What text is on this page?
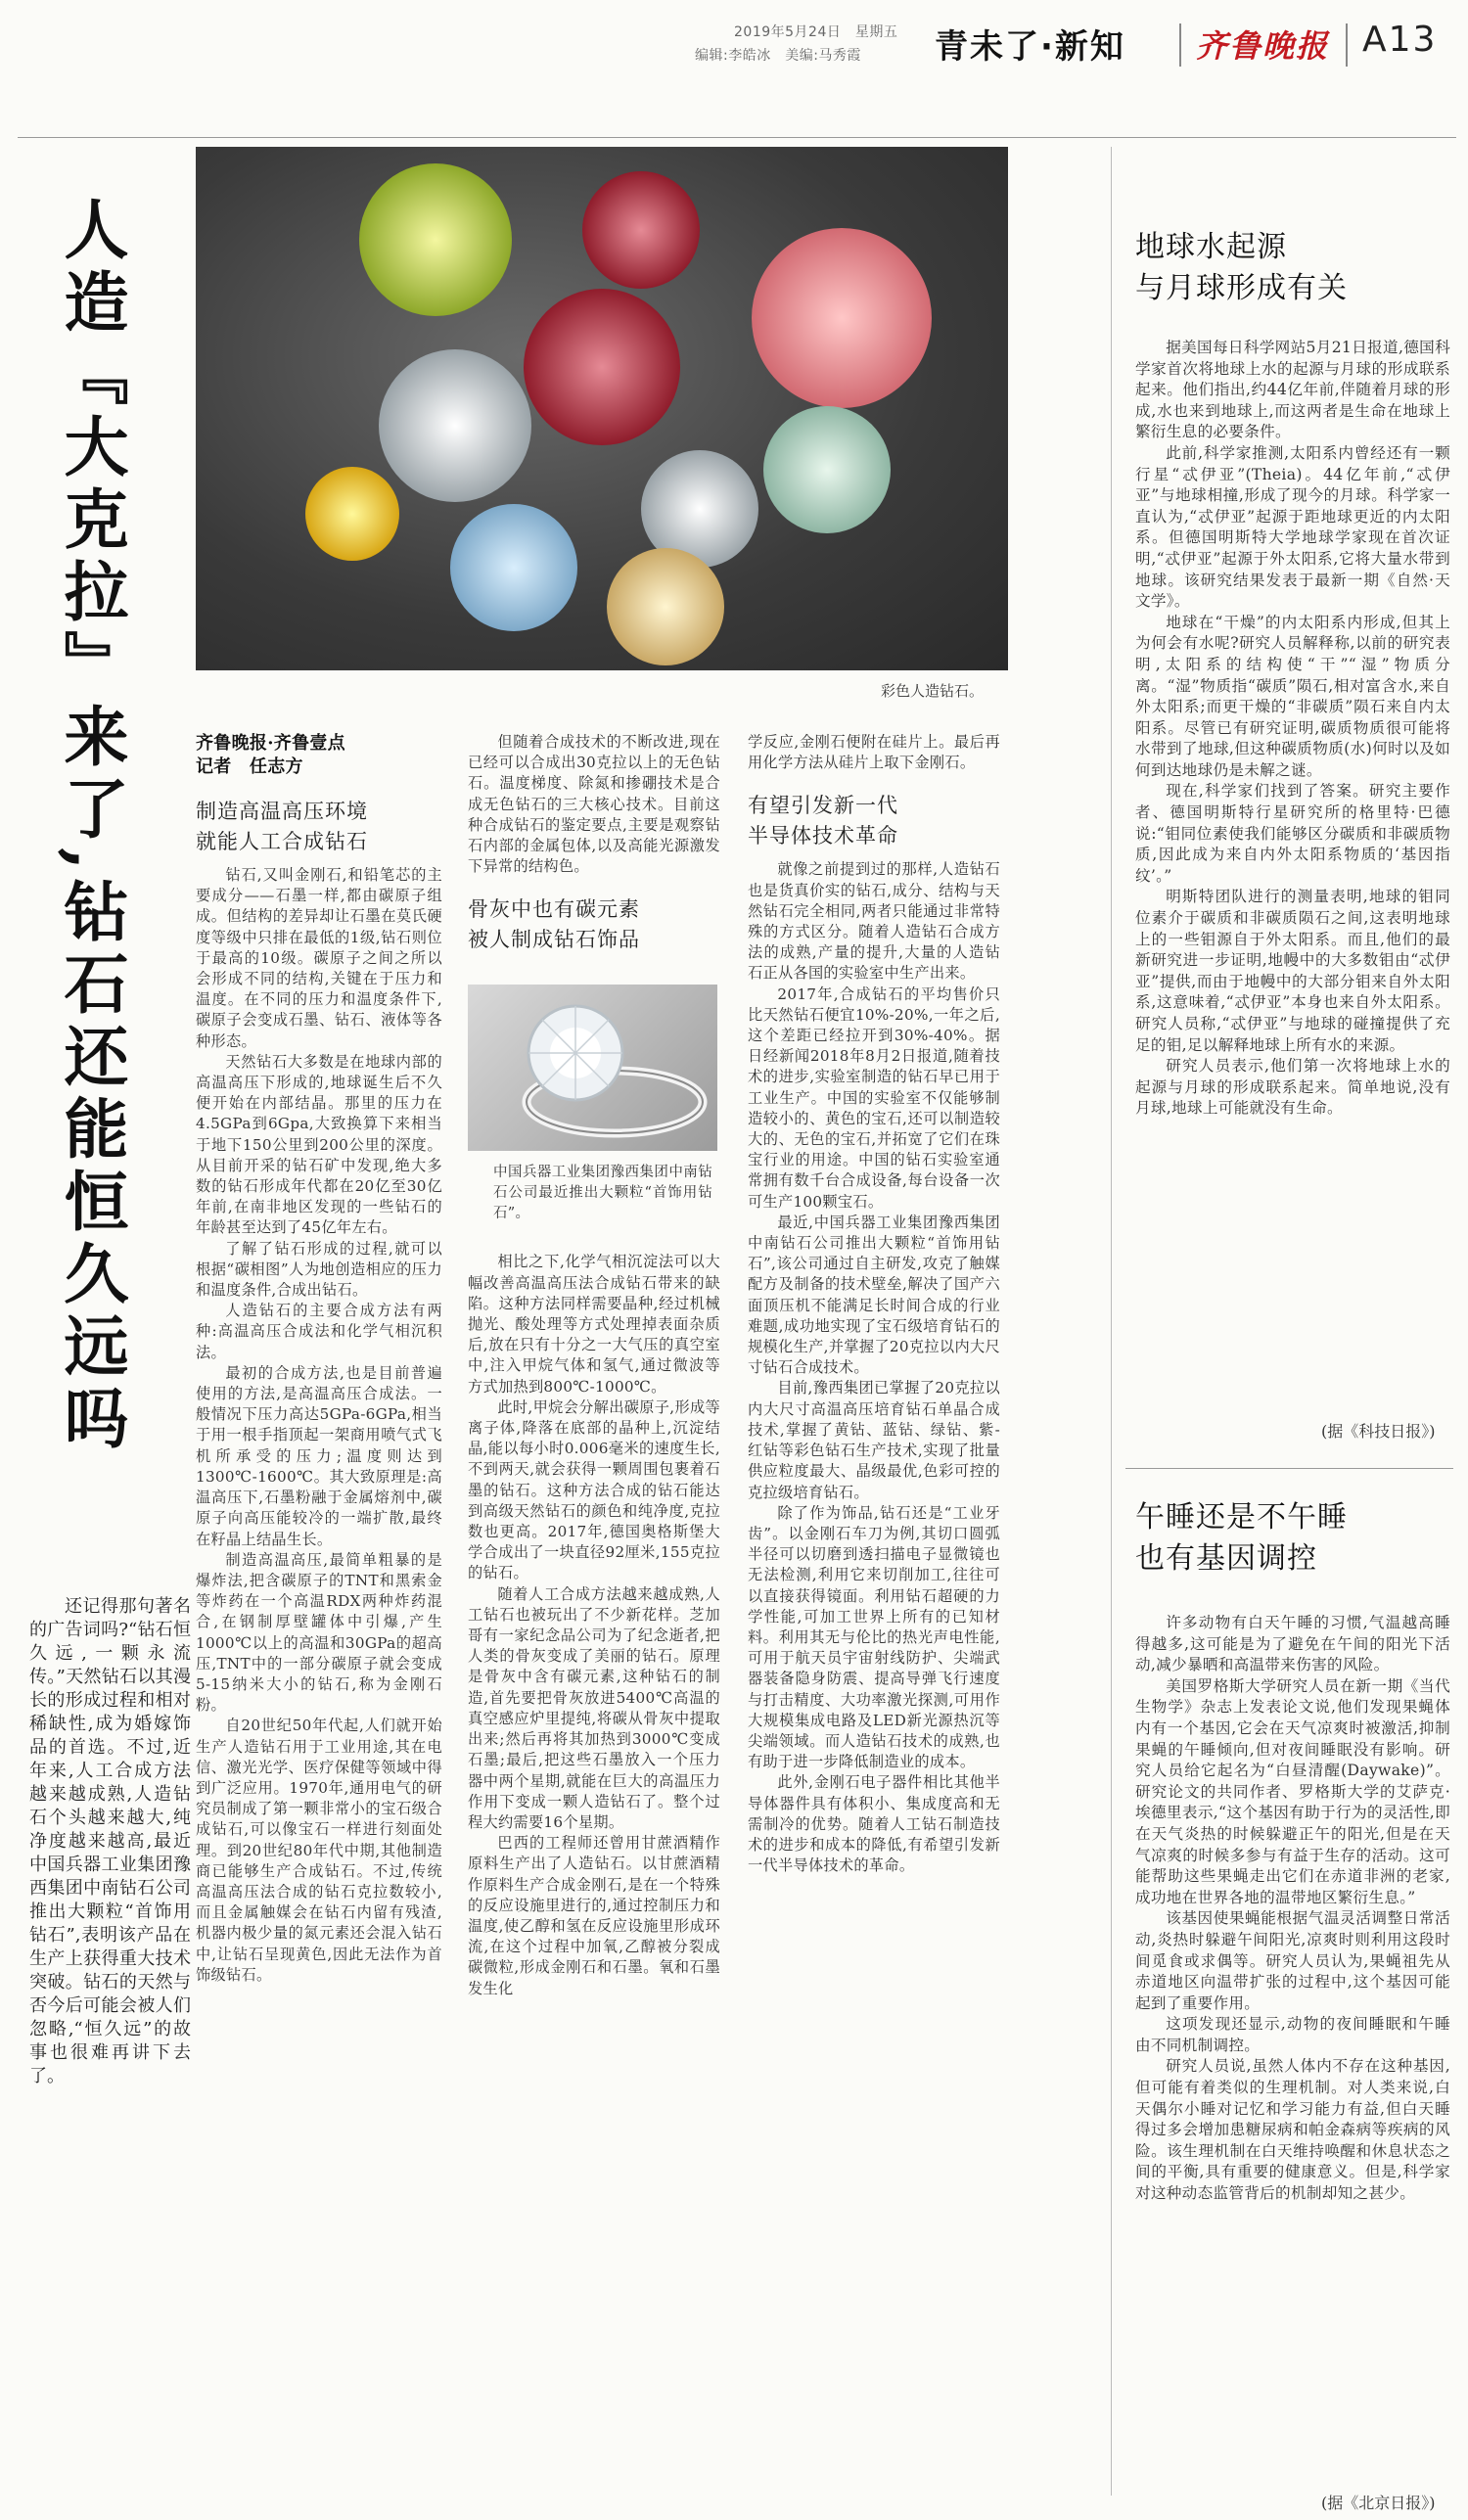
2019年5月24日　星期五
编辑:李皓冰　美编:马秀霞 青未了·新知 齐鲁晚报 A13
人造『大克拉』来了,钻石还能恒久远吗	彩色人造钻石。

还记得那句著名的广告词吗?“钻石恒久远,一颗永流传。”天然钻石以其漫长的形成过程和相对稀缺性,成为婚嫁饰品的首选。不过,近年来,人工合成方法越来越成熟,人造钻石个头越来越大,纯净度越来越高,最近中国兵器工业集团豫西集团中南钻石公司推出大颗粒“首饰用钻石”,表明该产品在生产上获得重大技术突破。钻石的天然与否今后可能会被人们忽略,“恒久远”的故事也很难再讲下去了。

齐鲁晚报·齐鲁壹点
记者　任志方
制造高温高压环境
就能人工合成钻石

钻石,又叫金刚石,和铅笔芯的主要成分——石墨一样,都由碳原子组成。但结构的差异却让石墨在莫氏硬度等级中只排在最低的1级,钻石则位于最高的10级。碳原子之间之所以会形成不同的结构,关键在于压力和温度。在不同的压力和温度条件下,碳原子会变成石墨、钻石、液体等各种形态。

天然钻石大多数是在地球内部的高温高压下形成的,地球诞生后不久便开始在内部结晶。那里的压力在4.5GPa到6Gpa,大致换算下来相当于地下150公里到200公里的深度。从目前开采的钻石矿中发现,绝大多数的钻石形成年代都在20亿至30亿年前,在南非地区发现的一些钻石的年龄甚至达到了45亿年左右。

了解了钻石形成的过程,就可以根据“碳相图”人为地创造相应的压力和温度条件,合成出钻石。

人造钻石的主要合成方法有两种:高温高压合成法和化学气相沉积法。

最初的合成方法,也是目前普遍使用的方法,是高温高压合成法。一般情况下压力高达5GPa-6GPa,相当于用一根手指顶起一架商用喷气式飞机所承受的压力;温度则达到1300℃-1600℃。其大致原理是:高温高压下,石墨粉融于金属熔剂中,碳原子向高压能较冷的一端扩散,最终在籽晶上结晶生长。

制造高温高压,最简单粗暴的是爆炸法,把含碳原子的TNT和黑索金等炸药在一个高温RDX两种炸药混合,在钢制厚壁罐体中引爆,产生1000℃以上的高温和30GPa的超高压,TNT中的一部分碳原子就会变成5-15纳米大小的钻石,称为金刚石粉。

自20世纪50年代起,人们就开始生产人造钻石用于工业用途,其在电信、激光光学、医疗保健等领域中得到广泛应用。1970年,通用电气的研究员制成了第一颗非常小的宝石级合成钻石,可以像宝石一样进行刻面处理。到20世纪80年代中期,其他制造商已能够生产合成钻石。不过,传统高温高压法合成的钻石克拉数较小,而且金属触媒会在钻石内留有残渣,机器内极少量的氮元素还会混入钻石中,让钻石呈现黄色,因此无法作为首饰级钻石。

但随着合成技术的不断改进,现在已经可以合成出30克拉以上的无色钻石。温度梯度、除氮和掺硼技术是合成无色钻石的三大核心技术。目前这种合成钻石的鉴定要点,主要是观察钻石内部的金属包体,以及高能光源激发下异常的结构色。

骨灰中也有碳元素
被人制成钻石饰品
中国兵器工业集团豫西集团中南钻石公司最近推出大颗粒“首饰用钻石”。

相比之下,化学气相沉淀法可以大幅改善高温高压法合成钻石带来的缺陷。这种方法同样需要晶种,经过机械抛光、酸处理等方式处理掉表面杂质后,放在只有十分之一大气压的真空室中,注入甲烷气体和氢气,通过微波等方式加热到800℃-1000℃。

此时,甲烷会分解出碳原子,形成等离子体,降落在底部的晶种上,沉淀结晶,能以每小时0.006毫米的速度生长,不到两天,就会获得一颗周围包裹着石墨的钻石。这种方法合成的钻石能达到高级天然钻石的颜色和纯净度,克拉数也更高。2017年,德国奥格斯堡大学合成出了一块直径92厘米,155克拉的钻石。

随着人工合成方法越来越成熟,人工钻石也被玩出了不少新花样。芝加哥有一家纪念品公司为了纪念逝者,把人类的骨灰变成了美丽的钻石。原理是骨灰中含有碳元素,这种钻石的制造,首先要把骨灰放进5400℃高温的真空感应炉里提纯,将碳从骨灰中提取出来;然后再将其加热到3000℃变成石墨;最后,把这些石墨放入一个压力器中两个星期,就能在巨大的高温压力作用下变成一颗人造钻石了。整个过程大约需要16个星期。

巴西的工程师还曾用甘蔗酒精作原料生产出了人造钻石。以甘蔗酒精作原料生产合成金刚石,是在一个特殊的反应设施里进行的,通过控制压力和温度,使乙醇和氢在反应设施里形成环流,在这个过程中加氧,乙醇被分裂成碳微粒,形成金刚石和石墨。氧和石墨发生化

学反应,金刚石便附在硅片上。最后再用化学方法从硅片上取下金刚石。

有望引发新一代
半导体技术革命

就像之前提到过的那样,人造钻石也是货真价实的钻石,成分、结构与天然钻石完全相同,两者只能通过非常特殊的方式区分。随着人造钻石合成方法的成熟,产量的提升,大量的人造钻石正从各国的实验室中生产出来。

2017年,合成钻石的平均售价只比天然钻石便宜10%-20%,一年之后,这个差距已经拉开到30%-40%。据日经新闻2018年8月2日报道,随着技术的进步,实验室制造的钻石早已用于工业生产。中国的实验室不仅能够制造较小的、黄色的宝石,还可以制造较大的、无色的宝石,并拓宽了它们在珠宝行业的用途。中国的钻石实验室通常拥有数千台合成设备,每台设备一次可生产100颗宝石。

最近,中国兵器工业集团豫西集团中南钻石公司推出大颗粒“首饰用钻石”,该公司通过自主研发,攻克了触媒配方及制备的技术壁垒,解决了国产六面顶压机不能满足长时间合成的行业难题,成功地实现了宝石级培育钻石的规模化生产,并掌握了20克拉以内大尺寸钻石合成技术。

目前,豫西集团已掌握了20克拉以内大尺寸高温高压培育钻石单晶合成技术,掌握了黄钻、蓝钻、绿钻、紫-红钻等彩色钻石生产技术,实现了批量供应粒度最大、晶级最优,色彩可控的克拉级培育钻石。

除了作为饰品,钻石还是“工业牙齿”。以金刚石车刀为例,其切口圆弧半径可以切磨到透扫描电子显微镜也无法检测,利用它来切削加工,往往可以直接获得镜面。利用钻石超硬的力学性能,可加工世界上所有的已知材料。利用其无与伦比的热光声电性能,可用于航天员宇宙射线防护、尖端武器装备隐身防震、提高导弹飞行速度与打击精度、大功率激光探测,可用作大规模集成电路及LED新光源热沉等尖端领域。而人造钻石技术的成熟,也有助于进一步降低制造业的成本。

此外,金刚石电子器件相比其他半导体器件具有体积小、集成度高和无需制冷的优势。随着人工钻石制造技术的进步和成本的降低,有希望引发新一代半导体技术的革命。

地球水起源
与月球形成有关

据美国每日科学网站5月21日报道,德国科学家首次将地球上水的起源与月球的形成联系起来。他们指出,约44亿年前,伴随着月球的形成,水也来到地球上,而这两者是生命在地球上繁衍生息的必要条件。

此前,科学家推测,太阳系内曾经还有一颗行星“忒伊亚”(Theia)。44亿年前,“忒伊亚”与地球相撞,形成了现今的月球。科学家一直认为,“忒伊亚”起源于距地球更近的内太阳系。但德国明斯特大学地球学家现在首次证明,“忒伊亚”起源于外太阳系,它将大量水带到地球。该研究结果发表于最新一期《自然·天文学》。

地球在“干燥”的内太阳系内形成,但其上为何会有水呢?研究人员解释称,以前的研究表明,太阳系的结构使“干”“湿”物质分离。“湿”物质指“碳质”陨石,相对富含水,来自外太阳系;而更干燥的“非碳质”陨石来自内太阳系。尽管已有研究证明,碳质物质很可能将水带到了地球,但这种碳质物质(水)何时以及如何到达地球仍是未解之谜。

现在,科学家们找到了答案。研究主要作者、德国明斯特行星研究所的格里特·巴德说:“钼同位素使我们能够区分碳质和非碳质物质,因此成为来自内外太阳系物质的‘基因指纹’。”

明斯特团队进行的测量表明,地球的钼同位素介于碳质和非碳质陨石之间,这表明地球上的一些钼源自于外太阳系。而且,他们的最新研究进一步证明,地幔中的大多数钼由“忒伊亚”提供,而由于地幔中的大部分钼来自外太阳系,这意味着,“忒伊亚”本身也来自外太阳系。研究人员称,“忒伊亚”与地球的碰撞提供了充足的钼,足以解释地球上所有水的来源。

研究人员表示,他们第一次将地球上水的起源与月球的形成联系起来。简单地说,没有月球,地球上可能就没有生命。

(据《科技日报》)
午睡还是不午睡
也有基因调控

许多动物有白天午睡的习惯,气温越高睡得越多,这可能是为了避免在午间的阳光下活动,减少暴晒和高温带来伤害的风险。

美国罗格斯大学研究人员在新一期《当代生物学》杂志上发表论文说,他们发现果蝇体内有一个基因,它会在天气凉爽时被激活,抑制果蝇的午睡倾向,但对夜间睡眠没有影响。研究人员给它起名为“白昼清醒(Daywake)”。研究论文的共同作者、罗格斯大学的艾萨克·埃德里表示,“这个基因有助于行为的灵活性,即在天气炎热的时候躲避正午的阳光,但是在天气凉爽的时候多参与有益于生存的活动。这可能帮助这些果蝇走出它们在赤道非洲的老家,成功地在世界各地的温带地区繁衍生息。”

该基因使果蝇能根据气温灵活调整日常活动,炎热时躲避午间阳光,凉爽时则利用这段时间觅食或求偶等。研究人员认为,果蝇祖先从赤道地区向温带扩张的过程中,这个基因可能起到了重要作用。

这项发现还显示,动物的夜间睡眠和午睡由不同机制调控。

研究人员说,虽然人体内不存在这种基因,但可能有着类似的生理机制。对人类来说,白天偶尔小睡对记忆和学习能力有益,但白天睡得过多会增加患糖尿病和帕金森病等疾病的风险。该生理机制在白天维持唤醒和休息状态之间的平衡,具有重要的健康意义。但是,科学家对这种动态监管背后的机制却知之甚少。

(据《北京日报》)
